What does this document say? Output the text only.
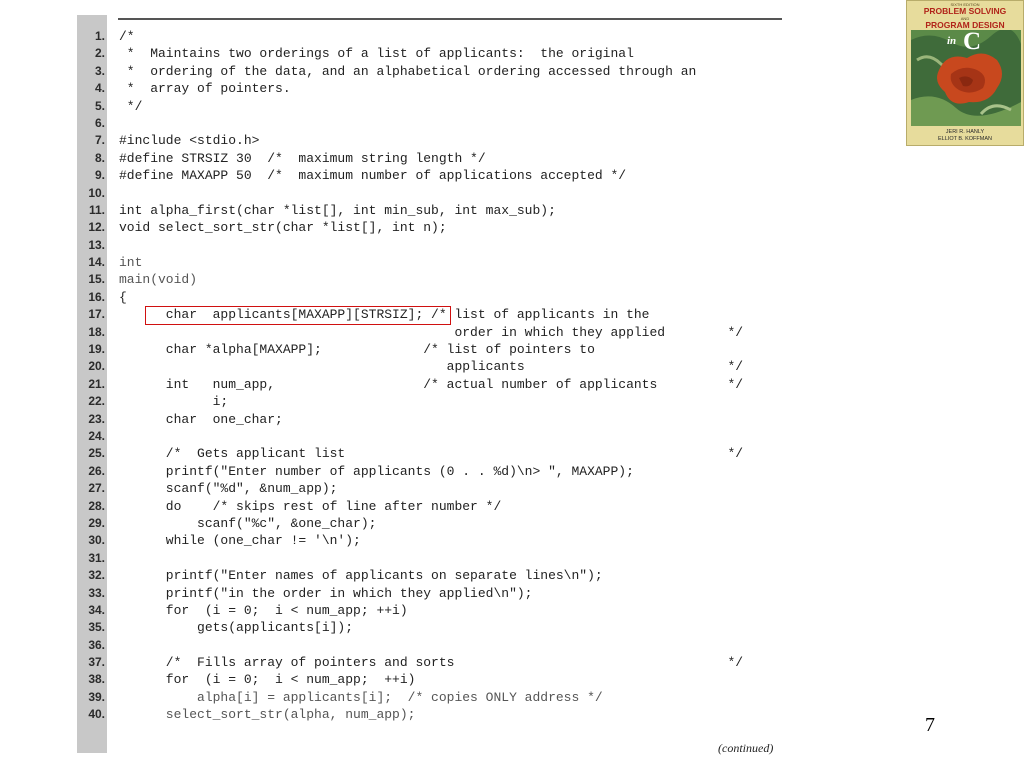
1.
2.
3.
4.
5.
6.
7.
8.
9.
10.
11.
12.
13.
14.
15.
16.
17.
18.
19.
20.
21.
22.
23.
24.
25.
26.
27.
28.
29.
30.
31.
32.
33.
34.
35.
36.
37.
38.
39.
40.
/*
*  Maintains two orderings of a list of applicants:  the original
*  ordering of the data, and an alphabetical ordering accessed through an
*  array of pointers.
*/
#include <stdio.h>
#define STRSIZ 30  /*  maximum string length */
#define MAXAPP 50  /*  maximum number of applications accepted */
int alpha_first(char *list[], int min_sub, int max_sub);
void select_sort_str(char *list[], int n);
int
main(void)
{
char  applicants[MAXAPP][STRSIZ]; /* list of applicants in the
order in which they applied        */
char *alpha[MAXAPP];             /* list of pointers to
applicants                          */
int   num_app,                   /* actual number of applicants         */
i;
char  one_char;
/*  Gets applicant list                                                 */
printf("Enter number of applicants (0 . . %d)\n> ", MAXAPP);
scanf("%d", &num_app);
do    /* skips rest of line after number */
scanf("%c", &one_char);
while (one_char != '\n');
printf("Enter names of applicants on separate lines\n");
printf("in the order in which they applied\n");
for  (i = 0;  i < num_app; ++i)
gets(applicants[i]);
/*  Fills array of pointers and sorts                                   */
for  (i = 0;  i < num_app;  ++i)
alpha[i] = applicants[i];  /* copies ONLY address */
select_sort_str(alpha, num_app);
(continued)
7
SIXTH EDITION
PROBLEM SOLVING
AND
PROGRAM DESIGN
in C
JERI R. HANLY
ELLIOT B. KOFFMAN
